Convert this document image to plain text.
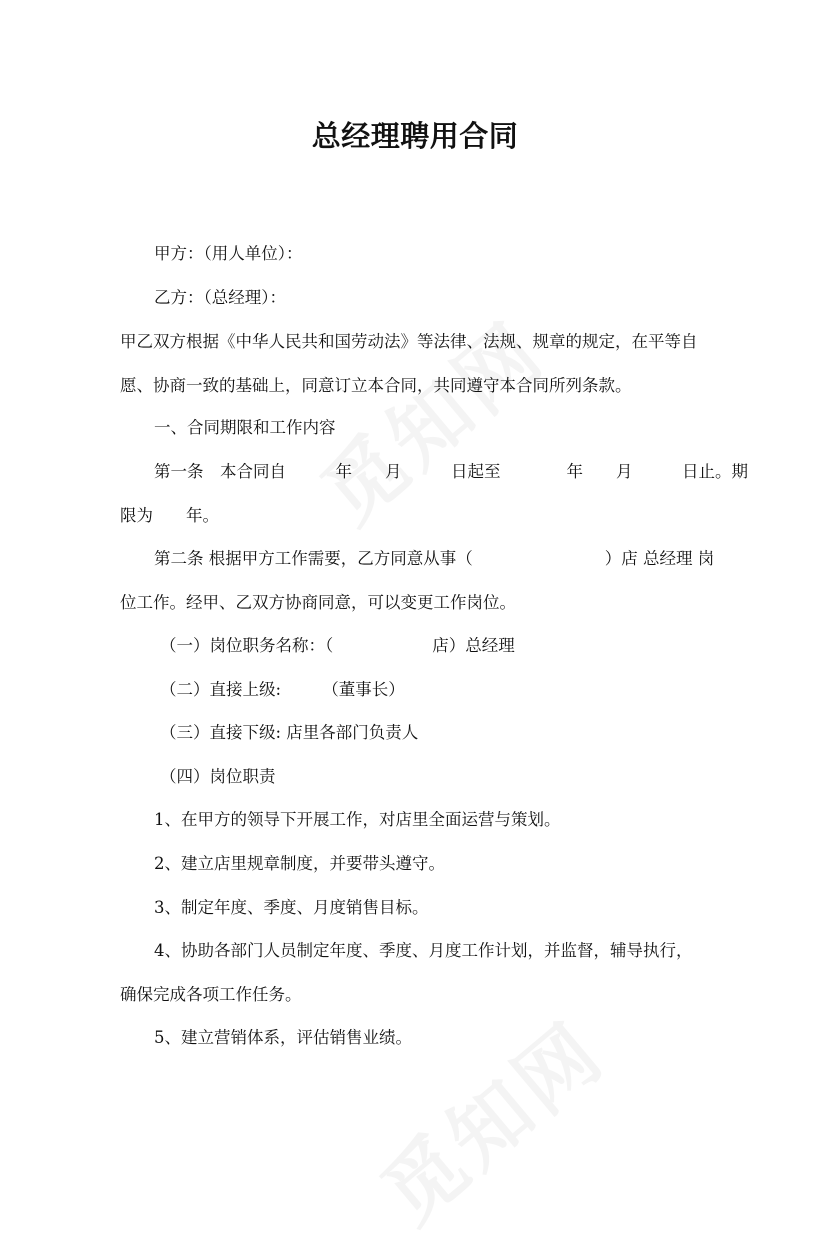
总经理聘用合同
甲方：（用人单位）：
乙方：（总经理）：
甲乙双方根据《中华人民共和国劳动法》等法律、法规、规章的规定，在平等自
愿、协商一致的基础上，同意订立本合同，共同遵守本合同所列条款。
一、合同期限和工作内容
第一条　本合同自　　　年　　月　　　日起至　　　　年　　月　　　日止。期
限为　　年。
第二条 根据甲方工作需要，乙方同意从事（　　　　　　　　）店 总经理 岗
位工作。经甲、乙双方协商同意，可以变更工作岗位。
（一）岗位职务名称：（　　　　　　店）总经理
（二）直接上级:　　　（董事长）
（三）直接下级: 店里各部门负责人
（四）岗位职责
1、在甲方的领导下开展工作，对店里全面运营与策划。
2、建立店里规章制度，并要带头遵守。
3、制定年度、季度、月度销售目标。
4、协助各部门人员制定年度、季度、月度工作计划，并监督，辅导执行，
确保完成各项工作任务。
5、建立营销体系，评估销售业绩。
